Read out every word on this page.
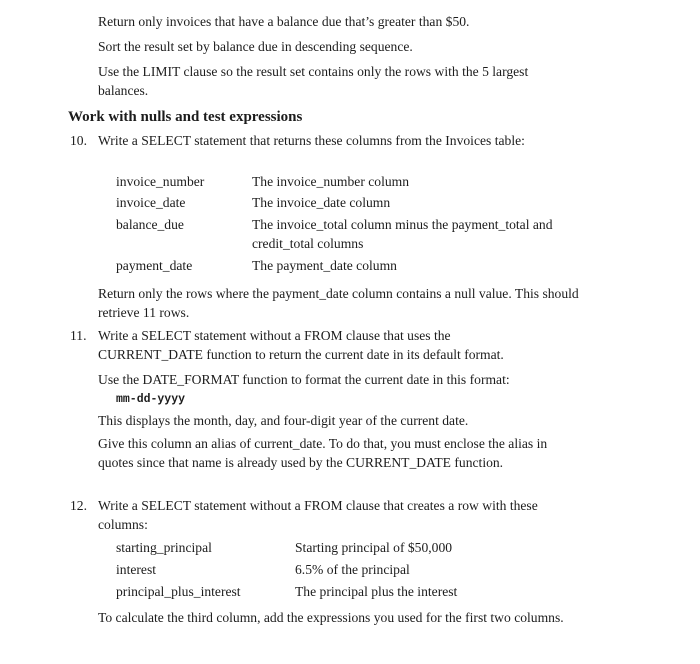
Return only invoices that have a balance due that’s greater than $50.

Sort the result set by balance due in descending sequence.

Use the LIMIT clause so the result set contains only the rows with the 5 largest balances.

Work with nulls and test expressions

10. Write a SELECT statement that returns these columns from the Invoices table:

invoice_number	The invoice_number column
invoice_date	The invoice_date column
balance_due	The invoice_total column minus the payment_total and credit_total columns
payment_date	The payment_date column

Return only the rows where the payment_date column contains a null value. This should retrieve 11 rows.

11. Write a SELECT statement without a FROM clause that uses the CURRENT_DATE function to return the current date in its default format.

Use the DATE_FORMAT function to format the current date in this format:

mm-dd-yyyy

This displays the month, day, and four-digit year of the current date.

Give this column an alias of current_date. To do that, you must enclose the alias in quotes since that name is already used by the CURRENT_DATE function.

12. Write a SELECT statement without a FROM clause that creates a row with these columns:

starting_principal	Starting principal of $50,000
interest	6.5% of the principal
principal_plus_interest	The principal plus the interest

To calculate the third column, add the expressions you used for the first two columns.
